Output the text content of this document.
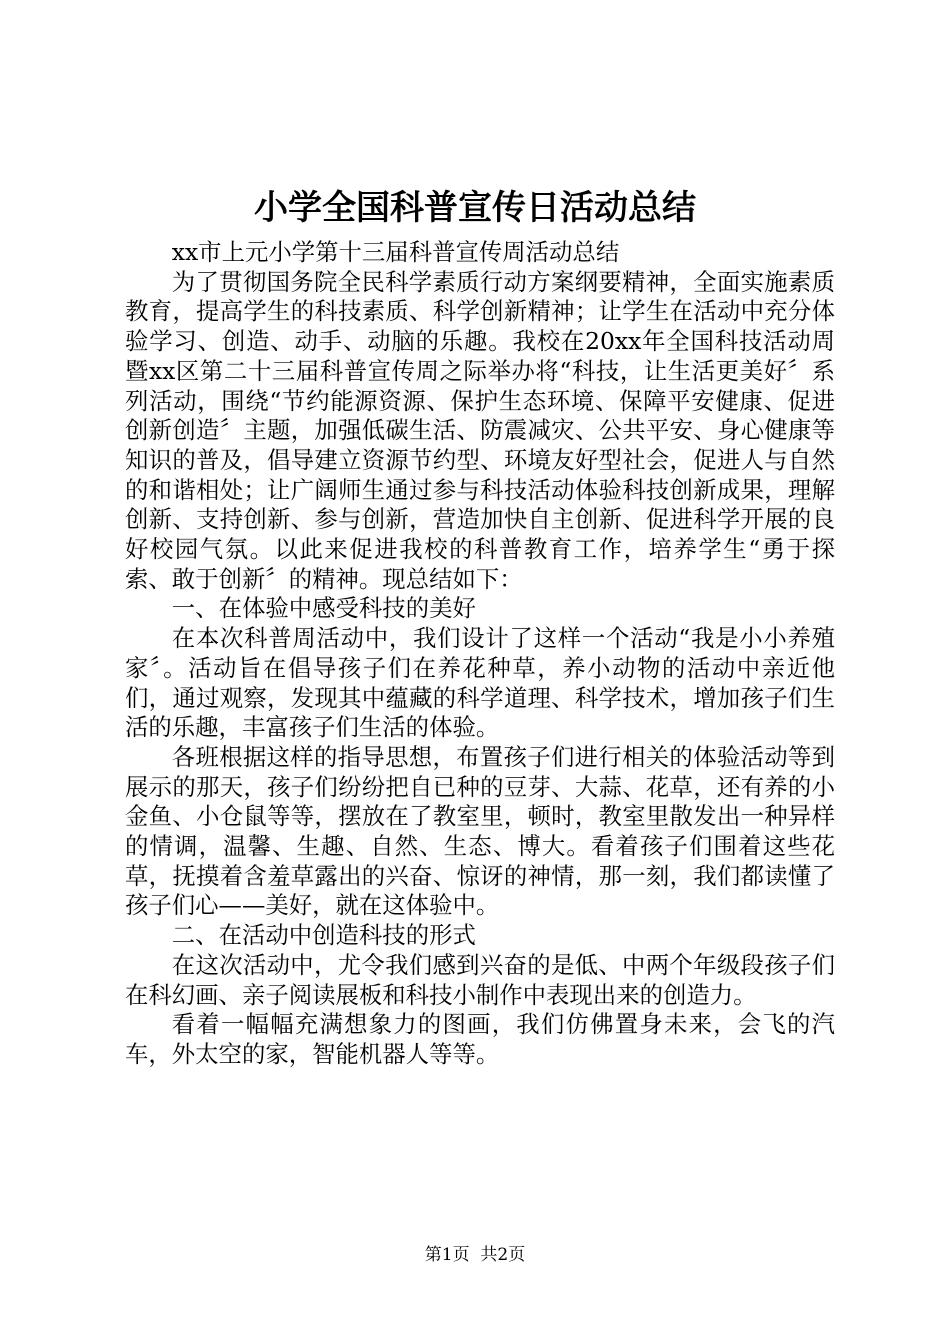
小学全国科普宣传日活动总结

xx市上元小学第十三届科普宣传周活动总结

为了贯彻国务院全民科学素质行动方案纲要精神，全面实施素质教育，提高学生的科技素质、科学创新精神；让学生在活动中充分体验学习、创造、动手、动脑的乐趣。我校在20xx年全国科技活动周暨xx区第二十三届科普宣传周之际举办将“科技，让生活更美好〞系列活动，围绕“节约能源资源、保护生态环境、保障平安健康、促进创新创造〞主题，加强低碳生活、防震减灾、公共平安、身心健康等知识的普及，倡导建立资源节约型、环境友好型社会，促进人与自然的和谐相处；让广阔师生通过参与科技活动体验科技创新成果，理解创新、支持创新、参与创新，营造加快自主创新、促进科学开展的良好校园气氛。以此来促进我校的科普教育工作，培养学生“勇于探索、敢于创新〞的精神。现总结如下：

一、在体验中感受科技的美好

在本次科普周活动中，我们设计了这样一个活动“我是小小养殖家〞。活动旨在倡导孩子们在养花种草，养小动物的活动中亲近他们，通过观察，发现其中蕴藏的科学道理、科学技术，增加孩子们生活的乐趣，丰富孩子们生活的体验。

各班根据这样的指导思想，布置孩子们进行相关的体验活动等到展示的那天，孩子们纷纷把自已种的豆芽、大蒜、花草，还有养的小金鱼、小仓鼠等等，摆放在了教室里，顿时，教室里散发出一种异样的情调，温馨、生趣、自然、生态、博大。看着孩子们围着这些花草，抚摸着含羞草露出的兴奋、惊讶的神情，那一刻，我们都读懂了孩子们心——美好，就在这体验中。

二、在活动中创造科技的形式

在这次活动中，尤令我们感到兴奋的是低、中两个年级段孩子们在科幻画、亲子阅读展板和科技小制作中表现出来的创造力。

看着一幅幅充满想象力的图画，我们仿佛置身未来，会飞的汽车，外太空的家，智能机器人等等。

第1页  共2页
